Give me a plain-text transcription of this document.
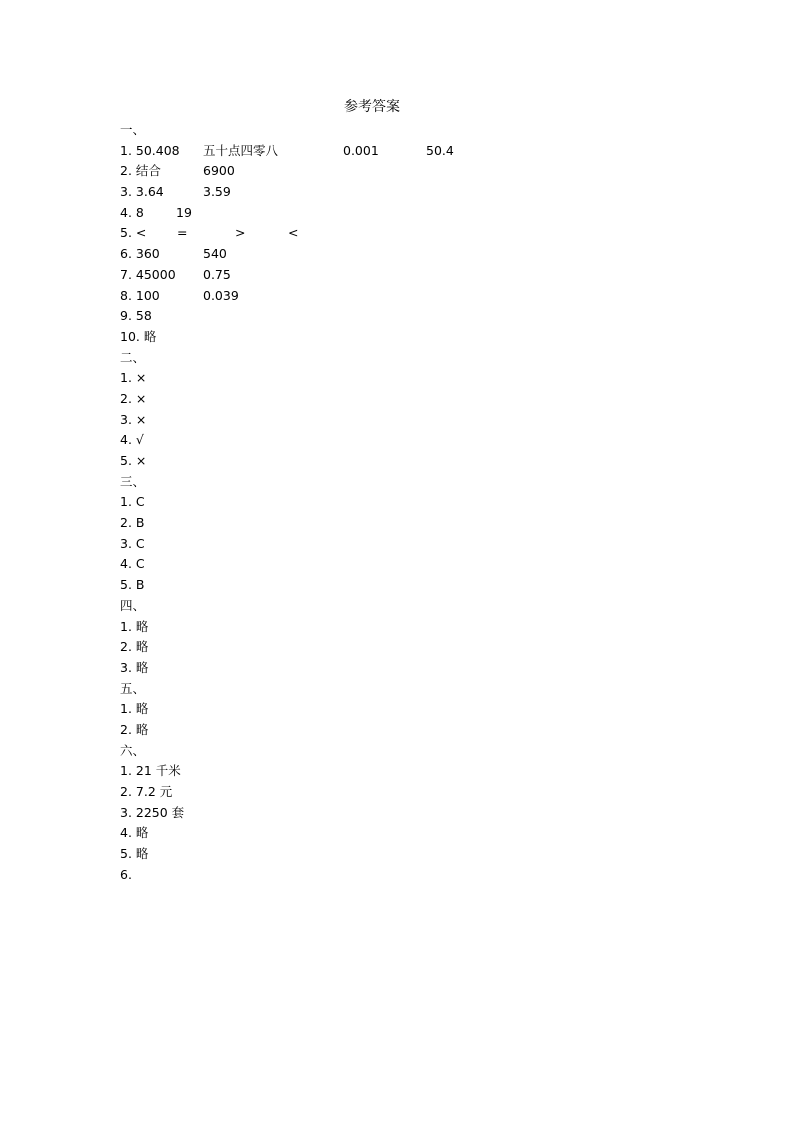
参考答案
一、
1. 50.408 五十点四零八	0.001	50.4
2. 结合	6900
3. 3.64	3.59
4. 8	19
5. < =	>	<
6. 360	540
7. 45000 0.75
8. 100	0.039
9. 58
10. 略
二、
1. ×
2. ×
3. ×
4. √
5. ×
三、
1. C
2. B
3. C
4. C
5. B
四、
1. 略
2. 略
3. 略
五、
1. 略
2. 略
六、
1. 21 千米
2. 7.2 元
3. 2250 套
4. 略
5. 略
6.
